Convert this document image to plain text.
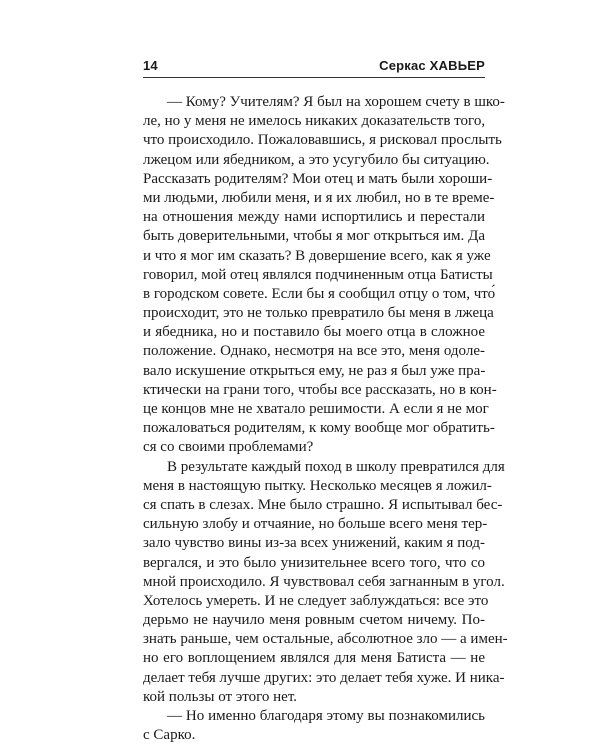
14	Серкас ХАВЬЕР
— Кому? Учителям? Я был на хорошем счету в шко-
ле, но у меня не имелось никаких доказательств того,
что происходило. Пожаловавшись, я рисковал прослыть
лжецом или ябедником, а это усугубило бы ситуацию.
Рассказать родителям? Мои отец и мать были хороши-
ми людьми, любили меня, и я их любил, но в те време-
на отношения между нами испортились и перестали
быть доверительными, чтобы я мог открыться им. Да
и что я мог им сказать? В довершение всего, как я уже
говорил, мой отец являлся подчиненным отца Батисты
в городском совете. Если бы я сообщил отцу о том, что́
происходит, это не только превратило бы меня в лжеца
и ябедника, но и поставило бы моего отца в сложное
положение. Однако, несмотря на все это, меня одоле-
вало искушение открыться ему, не раз я был уже пра-
ктически на грани того, чтобы все рассказать, но в кон-
це концов мне не хватало решимости. А если я не мог
пожаловаться родителям, к кому вообще мог обратить-
ся со своими проблемами?
В результате каждый поход в школу превратился для
меня в настоящую пытку. Несколько месяцев я ложил-
ся спать в слезах. Мне было страшно. Я испытывал бес-
сильную злобу и отчаяние, но больше всего меня тер-
зало чувство вины из-за всех унижений, каким я под-
вергался, и это было унизительнее всего того, что со
мной происходило. Я чувствовал себя загнанным в угол.
Хотелось умереть. И не следует заблуждаться: все это
дерьмо не научило меня ровным счетом ничему. По-
знать раньше, чем остальные, абсолютное зло — а имен-
но его воплощением являлся для меня Батиста — не
делает тебя лучше других: это делает тебя хуже. И ника-
кой пользы от этого нет.
— Но именно благодаря этому вы познакомились
с Сарко.
